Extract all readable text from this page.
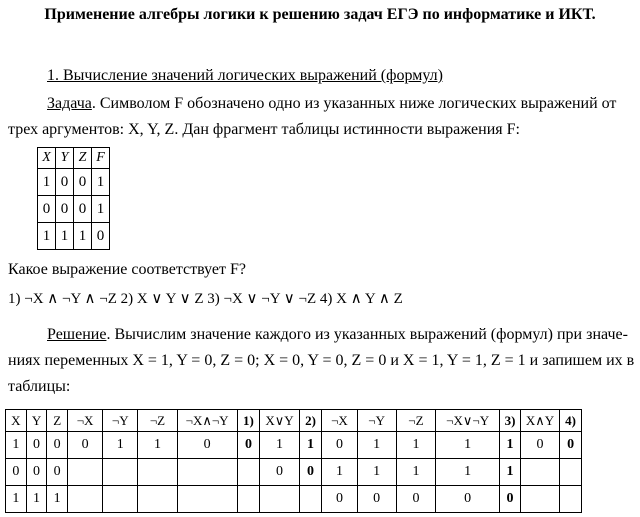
Применение алгебры логики к решению задач ЕГЭ по информатике и ИКТ.
1. Вычисление значений логических выражений (формул)
Задача. Символом F обозначено одно из указанных ниже логических выражений от
трех аргументов: X, Y, Z. Дан фрагмент таблицы истинности выражения F:
X	Y	Z	F
1	0	0	1
0	0	0	1
1	1	1	0
Какое выражение соответствует F?
1) ¬X ∧ ¬Y ∧ ¬Z 2) X ∨ Y ∨ Z 3) ¬X ∨ ¬Y ∨ ¬Z 4) X ∧ Y ∧ Z
Решение. Вычислим значение каждого из указанных выражений (формул) при значе-
ниях переменных X = 1, Y = 0, Z = 0; X = 0, Y = 0, Z = 0 и X = 1, Y = 1, Z = 1 и запишем их в
таблицы:
X	Y	Z	¬X	¬Y	¬Z	¬X∧¬Y	1)	X∨Y	2)	¬X	¬Y	¬Z	¬X∨¬Y	3)	X∧Y	4)
1	0	0	0	1	1	0	0	1	1	0	1	1	1	1	0	0
0	0	0						0	0	1	1	1	1	1		
1	1	1								0	0	0	0	0		
